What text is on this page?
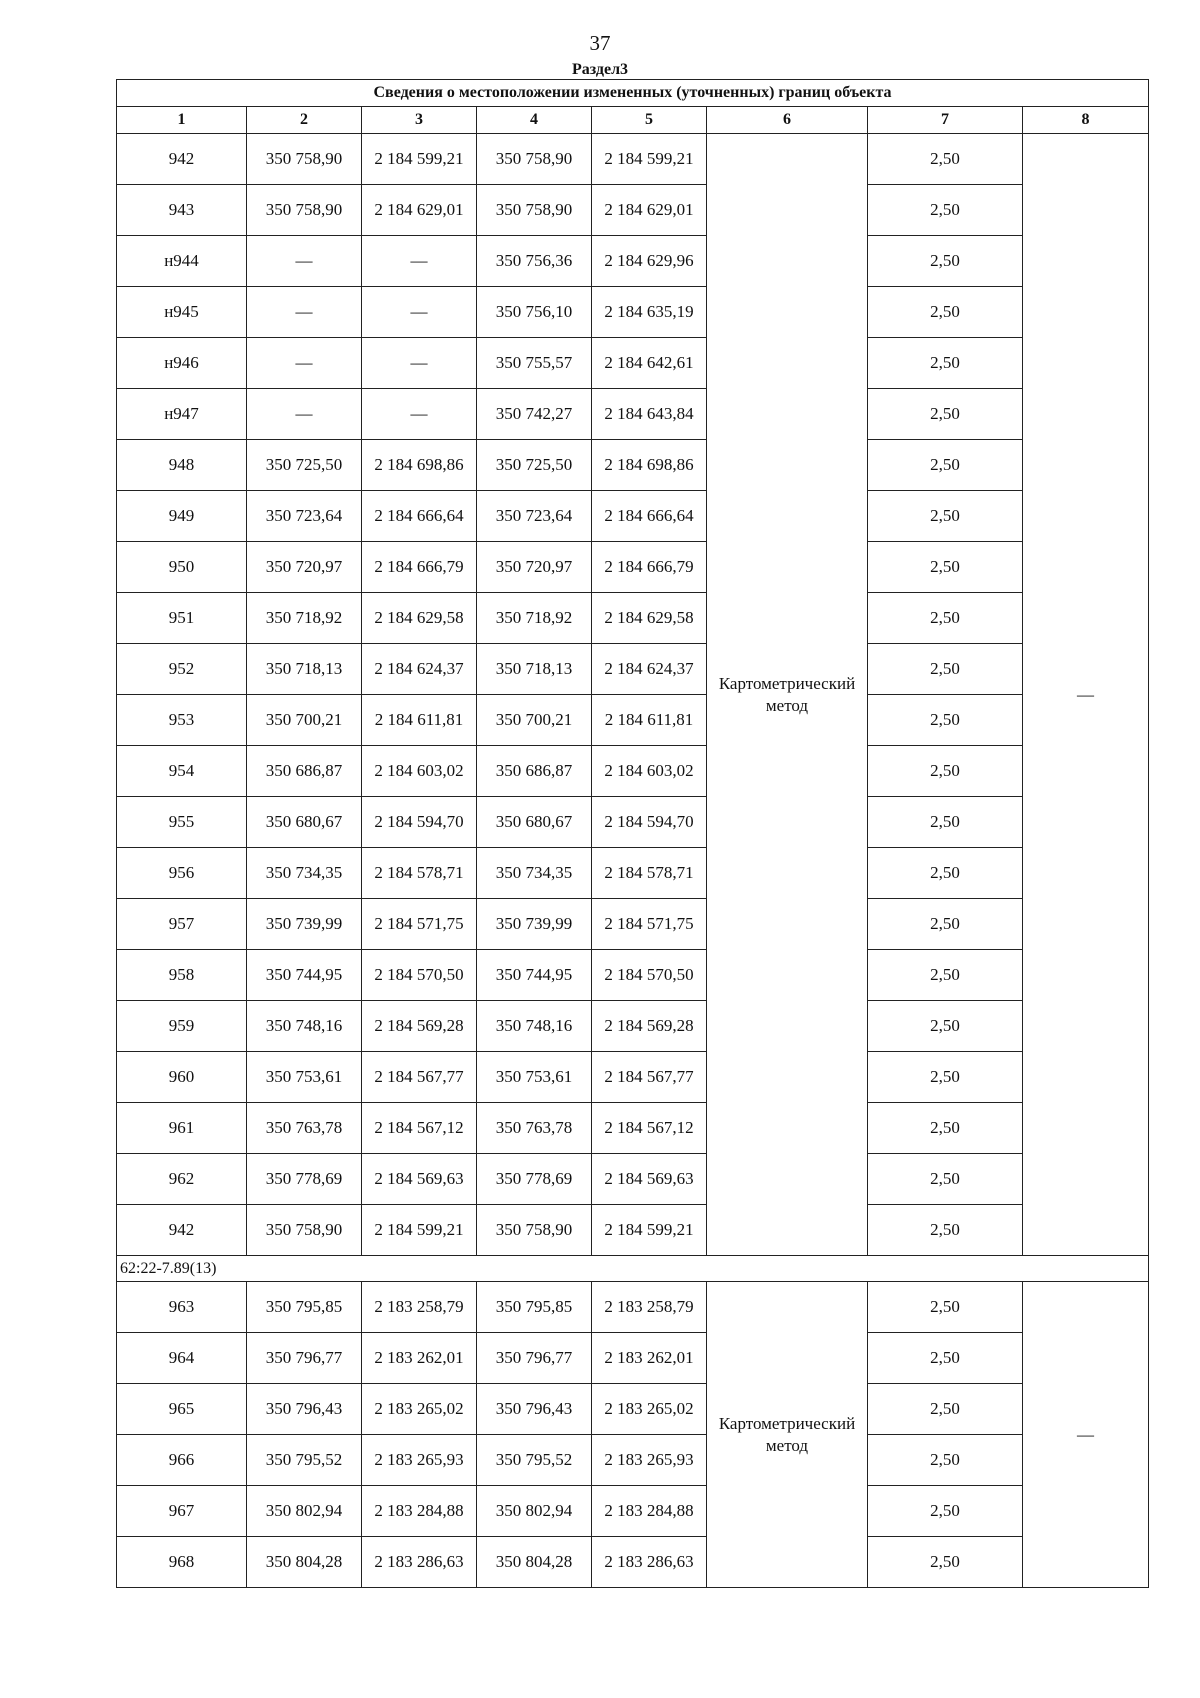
37
Раздел3
Сведения о местоположении измененных (уточненных) границ объекта							
1	2	3	4	5	6	7	8
942	350 758,90	2 184 599,21	350 758,90	2 184 599,21	Картометрический метод	2,50	—
943	350 758,90	2 184 629,01	350 758,90	2 184 629,01		2,50	
н944	—	—	350 756,36	2 184 629,96		2,50	
н945	—	—	350 756,10	2 184 635,19		2,50	
н946	—	—	350 755,57	2 184 642,61		2,50	
н947	—	—	350 742,27	2 184 643,84		2,50	
948	350 725,50	2 184 698,86	350 725,50	2 184 698,86		2,50	
949	350 723,64	2 184 666,64	350 723,64	2 184 666,64		2,50	
950	350 720,97	2 184 666,79	350 720,97	2 184 666,79		2,50	
951	350 718,92	2 184 629,58	350 718,92	2 184 629,58		2,50	
952	350 718,13	2 184 624,37	350 718,13	2 184 624,37		2,50	
953	350 700,21	2 184 611,81	350 700,21	2 184 611,81		2,50	
954	350 686,87	2 184 603,02	350 686,87	2 184 603,02		2,50	
955	350 680,67	2 184 594,70	350 680,67	2 184 594,70		2,50	
956	350 734,35	2 184 578,71	350 734,35	2 184 578,71		2,50	
957	350 739,99	2 184 571,75	350 739,99	2 184 571,75		2,50	
958	350 744,95	2 184 570,50	350 744,95	2 184 570,50		2,50	
959	350 748,16	2 184 569,28	350 748,16	2 184 569,28		2,50	
960	350 753,61	2 184 567,77	350 753,61	2 184 567,77		2,50	
961	350 763,78	2 184 567,12	350 763,78	2 184 567,12		2,50	
962	350 778,69	2 184 569,63	350 778,69	2 184 569,63		2,50	
942	350 758,90	2 184 599,21	350 758,90	2 184 599,21		2,50	
62:22-7.89(13)							
963	350 795,85	2 183 258,79	350 795,85	2 183 258,79	Картометрический метод	2,50	—
964	350 796,77	2 183 262,01	350 796,77	2 183 262,01		2,50	
965	350 796,43	2 183 265,02	350 796,43	2 183 265,02		2,50	
966	350 795,52	2 183 265,93	350 795,52	2 183 265,93		2,50	
967	350 802,94	2 183 284,88	350 802,94	2 183 284,88		2,50	
968	350 804,28	2 183 286,63	350 804,28	2 183 286,63		2,50	
